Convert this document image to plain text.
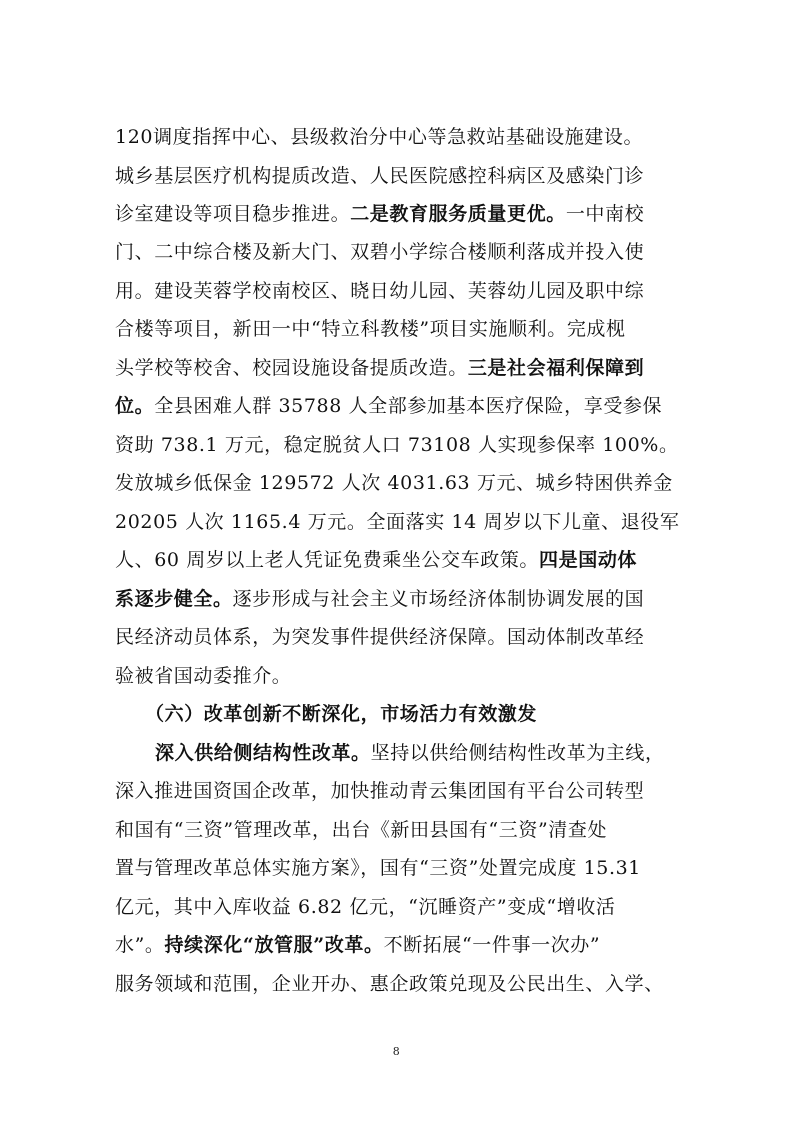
120调度指挥中心、县级救治分中心等急救站基础设施建设。
城乡基层医疗机构提质改造、人民医院感控科病区及感染门诊
诊室建设等项目稳步推进。二是教育服务质量更优。一中南校
门、二中综合楼及新大门、双碧小学综合楼顺利落成并投入使
用。建设芙蓉学校南校区、晓日幼儿园、芙蓉幼儿园及职中综
合楼等项目，新田一中“特立科教楼”项目实施顺利。完成枧
头学校等校舍、校园设施设备提质改造。三是社会福利保障到
位。全县困难人群 35788 人全部参加基本医疗保险，享受参保
资助 738.1 万元，稳定脱贫人口 73108 人实现参保率 100%。
发放城乡低保金 129572 人次 4031.63 万元、城乡特困供养金
20205 人次 1165.4 万元。全面落实 14 周岁以下儿童、退役军
人、60 周岁以上老人凭证免费乘坐公交车政策。四是国动体
系逐步健全。逐步形成与社会主义市场经济体制协调发展的国
民经济动员体系，为突发事件提供经济保障。国动体制改革经
验被省国动委推介。
（六）改革创新不断深化，市场活力有效激发
深入供给侧结构性改革。坚持以供给侧结构性改革为主线，
深入推进国资国企改革，加快推动青云集团国有平台公司转型
和国有“三资”管理改革，出台《新田县国有“三资”清查处
置与管理改革总体实施方案》，国有“三资”处置完成度 15.31
亿元，其中入库收益 6.82 亿元，“沉睡资产”变成“增收活
水”。持续深化“放管服”改革。不断拓展“一件事一次办”
服务领域和范围，企业开办、惠企政策兑现及公民出生、入学、
8
